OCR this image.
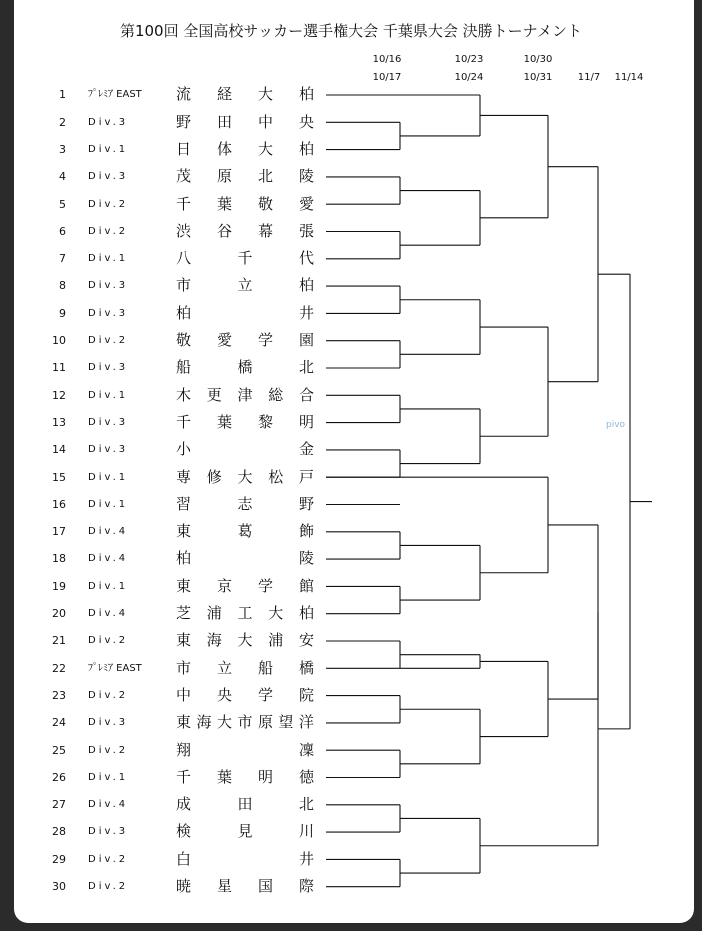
第100回 全国高校サッカー選手権大会 千葉県大会 決勝トーナメント
10/16
10/17
10/23
10/24
10/30
10/31	11/7 11/14
1 ﾌﾟﾚﾐｱ EAST	流 経 大 柏
2 Div.3	野 田 中 央
3 Div.1	日 体 大 柏
4 Div.3	茂 原 北 陵
5 Div.2	千 葉 敬 愛
6 Div.2	渋 谷 幕 張
7 Div.1	八	千	代
8 Div.3	市	立	柏
9 Div.3	柏	井
10 Div.2	敬 愛 学 園
11 Div.3	船	橋	北
12 Div.1	木 更 津 総 合
13 Div.3	千 葉 黎 明
14 Div.3	小	金
15 Div.1	専 修 大 松 戸
16 Div.1	習	志	野
17 Div.4	東	葛	飾
18 Div.4	柏	陵
19 Div.1	東 京 学 館
20 Div.4	芝 浦 工 大 柏
21 Div.2	東 海 大 浦 安
22 ﾌﾟﾚﾐｱ EAST	市 立 船 橋
23 Div.2	中 央 学 院
24 Div.3	東 海 大 市 原 望 洋
25 Div.2	翔	凜
26 Div.1	千 葉 明 徳
27 Div.4	成	田	北
28 Div.3	検	見	川
29 Div.2	白	井
30 Div.2	暁 星 国 際
pivo
